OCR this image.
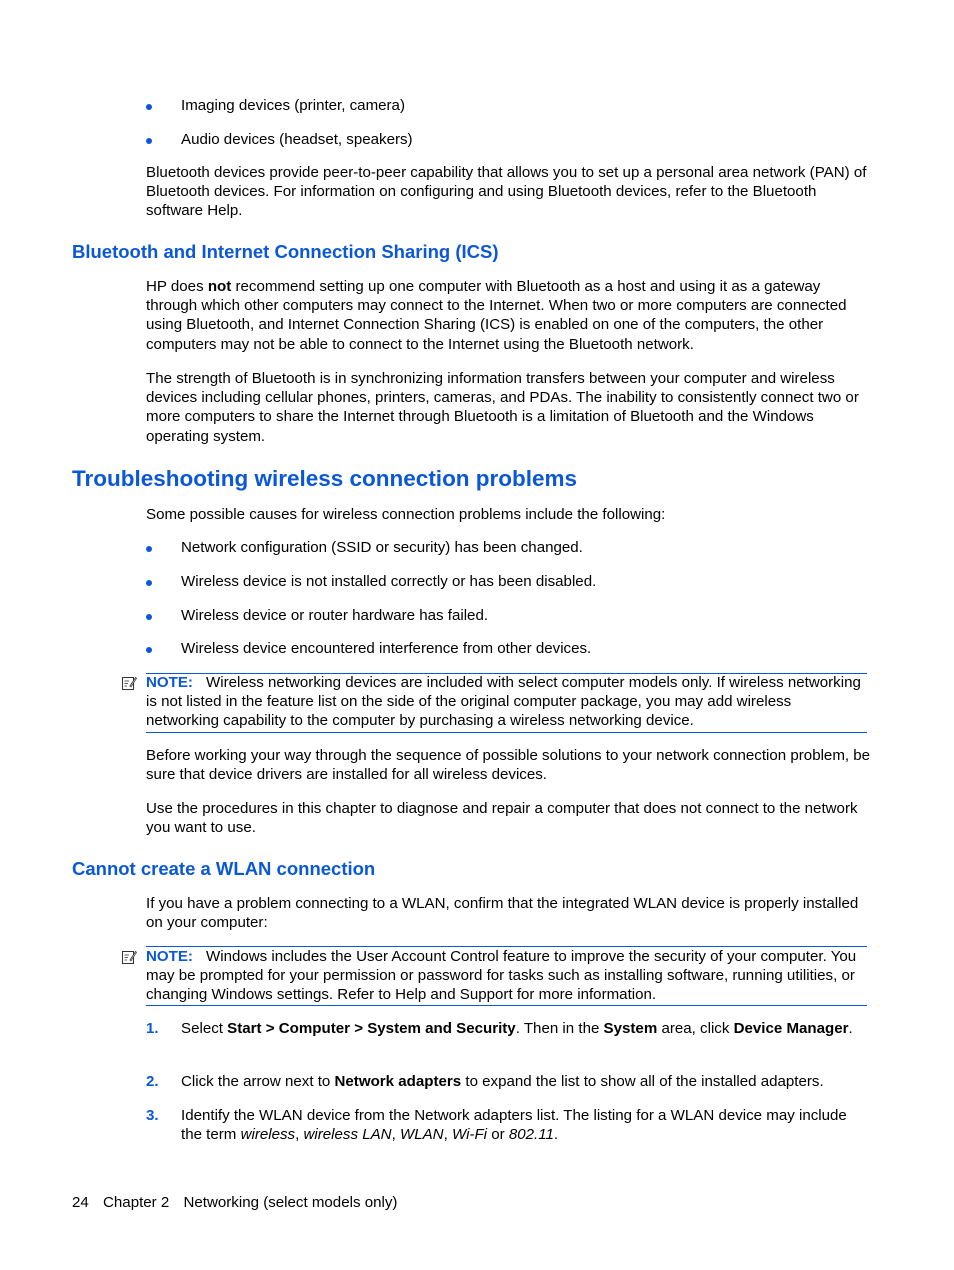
Imaging devices (printer, camera)
Audio devices (headset, speakers)

Bluetooth devices provide peer-to-peer capability that allows you to set up a personal area network (PAN) of Bluetooth devices. For information on configuring and using Bluetooth devices, refer to the Bluetooth software Help.

Bluetooth and Internet Connection Sharing (ICS)

HP does not recommend setting up one computer with Bluetooth as a host and using it as a gateway through which other computers may connect to the Internet. When two or more computers are connected using Bluetooth, and Internet Connection Sharing (ICS) is enabled on one of the computers, the other computers may not be able to connect to the Internet using the Bluetooth network.

The strength of Bluetooth is in synchronizing information transfers between your computer and wireless devices including cellular phones, printers, cameras, and PDAs. The inability to consistently connect two or more computers to share the Internet through Bluetooth is a limitation of Bluetooth and the Windows operating system.

Troubleshooting wireless connection problems

Some possible causes for wireless connection problems include the following:

Network configuration (SSID or security) has been changed.
Wireless device is not installed correctly or has been disabled.
Wireless device or router hardware has failed.
Wireless device encountered interference from other devices.

NOTE: Wireless networking devices are included with select computer models only. If wireless networking is not listed in the feature list on the side of the original computer package, you may add wireless networking capability to the computer by purchasing a wireless networking device.

Before working your way through the sequence of possible solutions to your network connection problem, be sure that device drivers are installed for all wireless devices.

Use the procedures in this chapter to diagnose and repair a computer that does not connect to the network you want to use.

Cannot create a WLAN connection

If you have a problem connecting to a WLAN, confirm that the integrated WLAN device is properly installed on your computer:

NOTE: Windows includes the User Account Control feature to improve the security of your computer. You may be prompted for your permission or password for tasks such as installing software, running utilities, or changing Windows settings. Refer to Help and Support for more information.

1. Select Start > Computer > System and Security. Then in the System area, click Device Manager.
2. Click the arrow next to Network adapters to expand the list to show all of the installed adapters.
3. Identify the WLAN device from the Network adapters list. The listing for a WLAN device may include the term wireless, wireless LAN, WLAN, Wi-Fi or 802.11.
24 Chapter 2 Networking (select models only)
